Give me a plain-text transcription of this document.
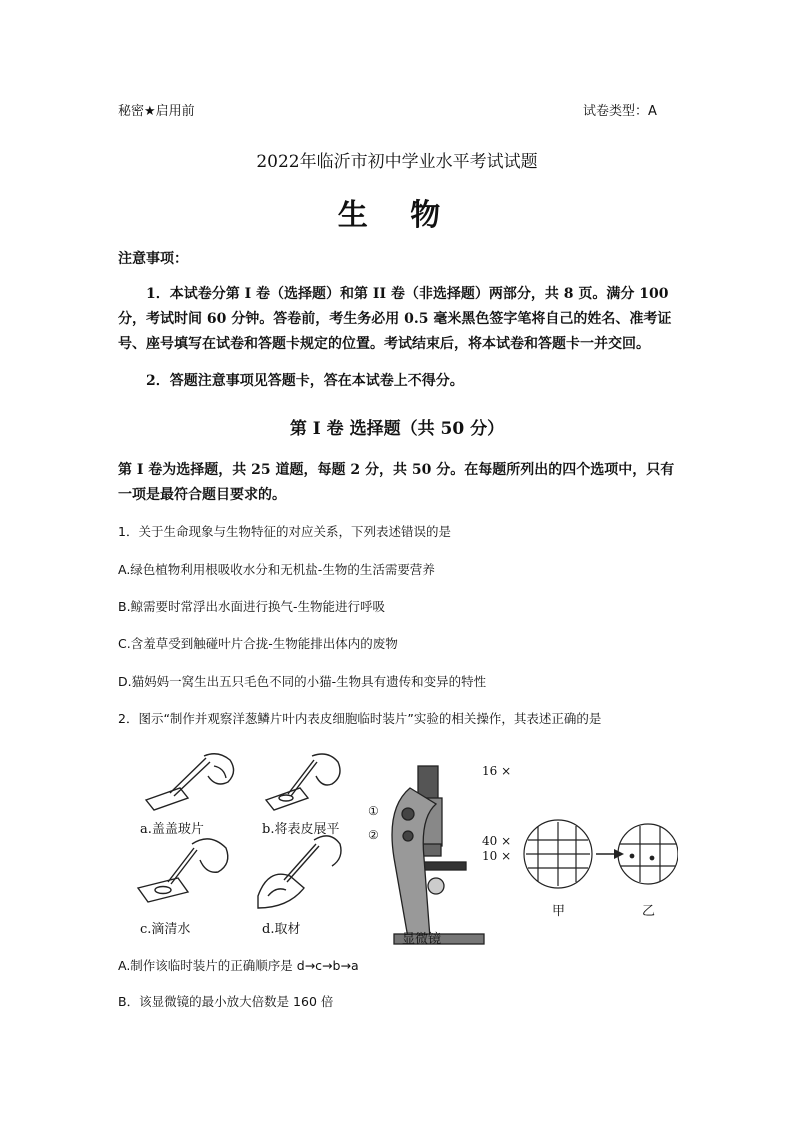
秘密★启用前	试卷类型：A
2022年临沂市初中学业水平考试试题
生 物
注意事项：
1．本试卷分第 I 卷（选择题）和第 II 卷（非选择题）两部分，共 8 页。满分 100 分，考试时间 60 分钟。答卷前，考生务必用 0.5 毫米黑色签字笔将自己的姓名、准考证号、座号填写在试卷和答题卡规定的位置。考试结束后，将本试卷和答题卡一并交回。
2．答题注意事项见答题卡，答在本试卷上不得分。
第 I 卷 选择题（共 50 分）
第 I 卷为选择题，共 25 道题，每题 2 分，共 50 分。在每题所列出的四个选项中，只有一项是最符合题目要求的。
1．关于生命现象与生物特征的对应关系，下列表述错误的是
A.绿色植物利用根吸收水分和无机盐-生物的生活需要营养
B.鲸需要时常浮出水面进行换气-生物能进行呼吸
C.含羞草受到触碰叶片合拢-生物能排出体内的废物
D.猫妈妈一窝生出五只毛色不同的小猫-生物具有遗传和变异的特性
2．图示“制作并观察洋葱鳞片叶内表皮细胞临时装片”实验的相关操作，其表述正确的是
a.盖盖玻片	b.将表皮展平
c.滴清水	d.取材
显微镜
16 ×
40 ×
10 ×
①
②
甲	乙
A.制作该临时装片的正确顺序是 d→c→b→a
B．该显微镜的最小放大倍数是 160 倍
